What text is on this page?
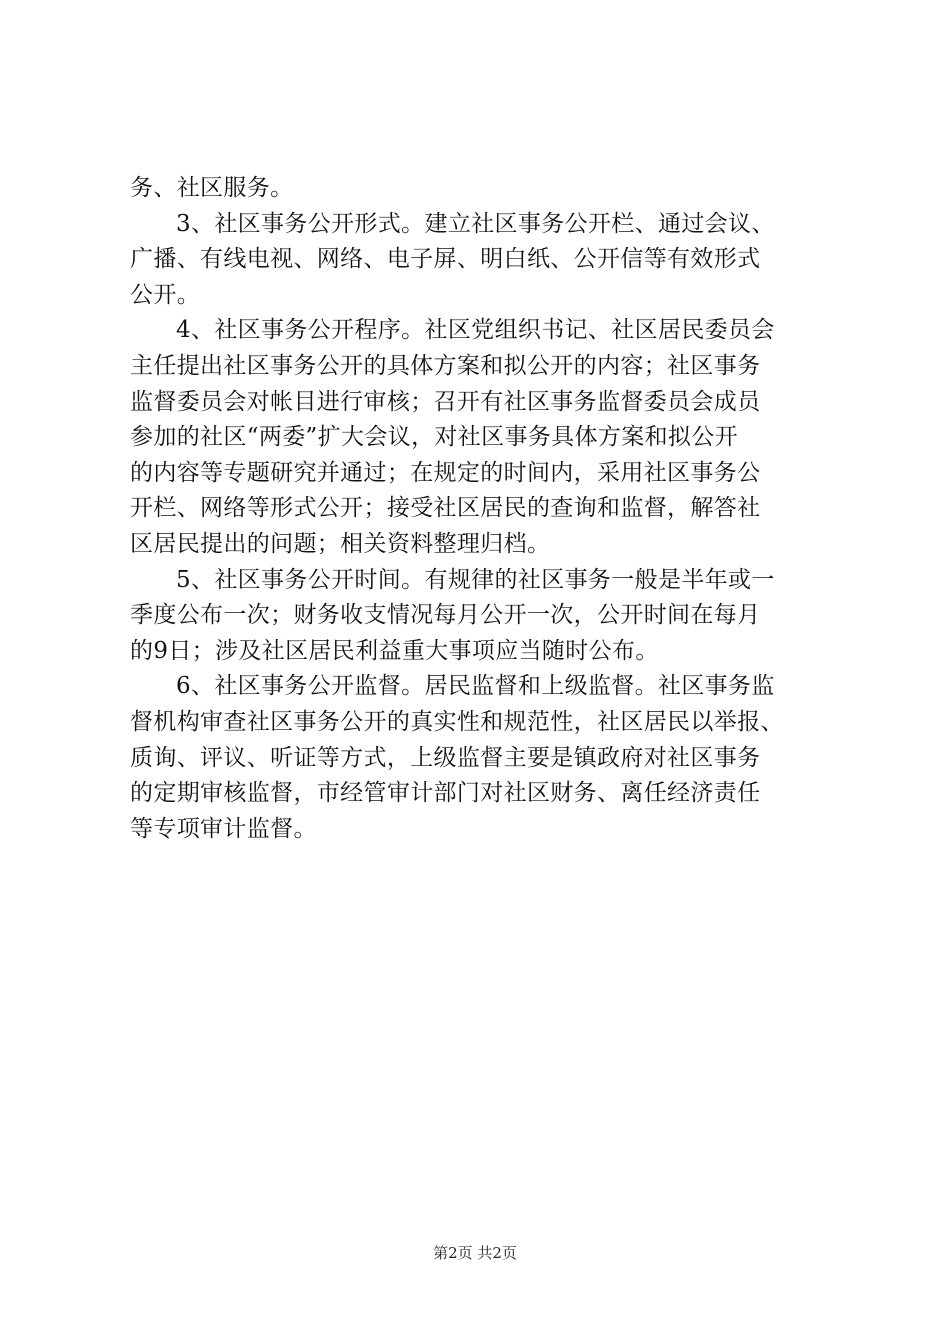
务、社区服务。
3、社区事务公开形式。建立社区事务公开栏、通过会议、
广播、有线电视、网络、电子屏、明白纸、公开信等有效形式
公开。
4、社区事务公开程序。社区党组织书记、社区居民委员会
主任提出社区事务公开的具体方案和拟公开的内容；社区事务
监督委员会对帐目进行审核；召开有社区事务监督委员会成员
参加的社区“两委”扩大会议，对社区事务具体方案和拟公开
的内容等专题研究并通过；在规定的时间内，采用社区事务公
开栏、网络等形式公开；接受社区居民的查询和监督，解答社
区居民提出的问题；相关资料整理归档。
5、社区事务公开时间。有规律的社区事务一般是半年或一
季度公布一次；财务收支情况每月公开一次，公开时间在每月
的9日；涉及社区居民利益重大事项应当随时公布。
6、社区事务公开监督。居民监督和上级监督。社区事务监
督机构审查社区事务公开的真实性和规范性，社区居民以举报、
质询、评议、听证等方式，上级监督主要是镇政府对社区事务
的定期审核监督，市经管审计部门对社区财务、离任经济责任
等专项审计监督。
第2页 共2页
